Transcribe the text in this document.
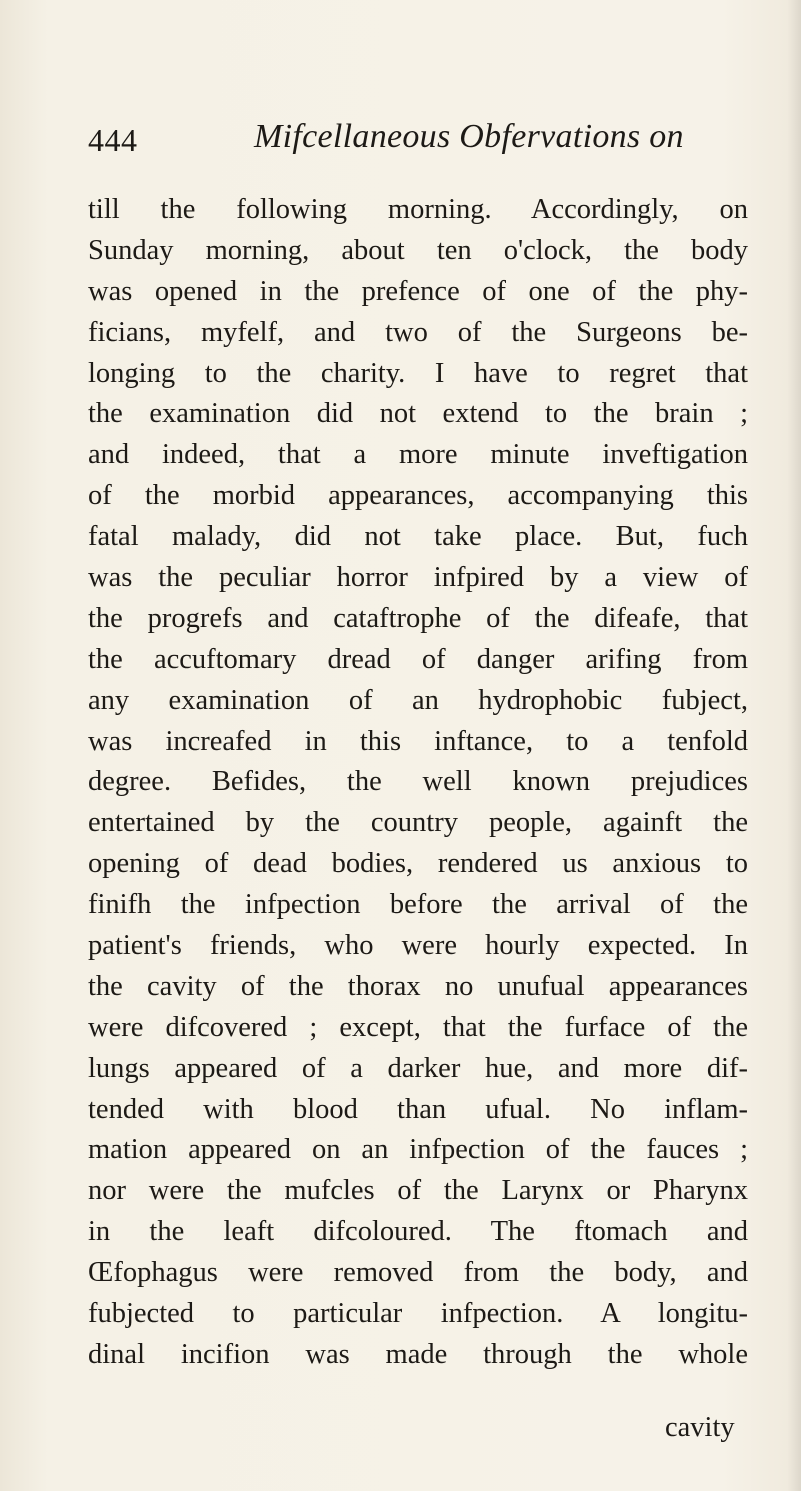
444	Mifcellaneous Obfervations on
till the following morning. Accordingly, on
Sunday morning, about ten o'clock, the body
was opened in the prefence of one of the phy-
ficians, myfelf, and two of the Surgeons be-
longing to the charity. I have to regret that
the examination did not extend to the brain ;
and indeed, that a more minute inveftigation
of the morbid appearances, accompanying this
fatal malady, did not take place. But, fuch
was the peculiar horror infpired by a view of
the progrefs and cataftrophe of the difeafe, that
the accuftomary dread of danger arifing from
any examination of an hydrophobic fubject,
was increafed in this inftance, to a tenfold
degree. Befides, the well known prejudices
entertained by the country people, againft the
opening of dead bodies, rendered us anxious to
finifh the infpection before the arrival of the
patient's friends, who were hourly expected. In
the cavity of the thorax no unufual appearances
were difcovered ; except, that the furface of the
lungs appeared of a darker hue, and more dif-
tended with blood than ufual. No inflam-
mation appeared on an infpection of the fauces ;
nor were the mufcles of the Larynx or Pharynx
in the leaft difcoloured. The ftomach and
Œfophagus were removed from the body, and
fubjected to particular infpection. A longitu-
dinal incifion was made through the whole
cavity
